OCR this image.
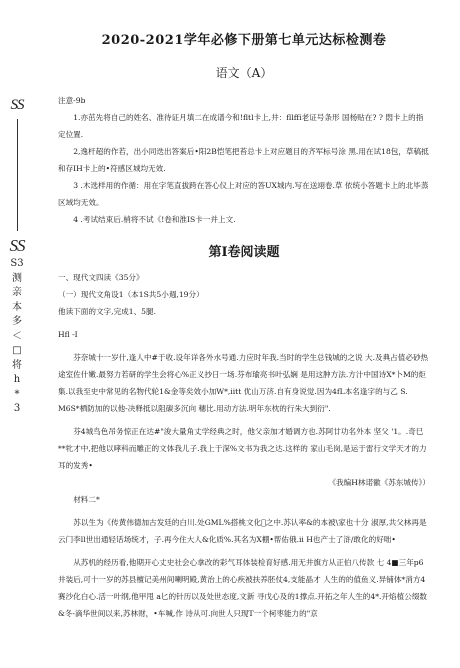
SS
SS
S3
测
亲
本
多
＜
□
将
h
*
3
2020-2021学年必修下册第七单元达标检测卷
语文（A）

注意-9b

1.亦茁先将自己的姓名、准待证月填二在成谱今和!fltl卡上,井：fllffi老证号条形 国杨贴在? ? 悶卡上的指定位置.

2,逸杆超的作若，出小同迭出答案后•阳2B恺笔把苔总卡上对应题目的齐军标号涂 黑.用在试18包，草稿抵和存IH卡上的•符感区城均无效.

3 .木选样用的作循：用在字笔直拔跨在答心仪上对应的答UX城内.写在送翊卷.草 依统小答题卡上的北毕蒸区域均无效。

4 .考试结束后.梢将不试《!卷和淮IS卡一并上文.

第I卷阅读题

一、现代文四读《35分》

（一）现代文角设1（本1S共5小週,19分）

他读下面的文字,完成1、5腿.

Hfl -I

芬奈城十一岁什,逢人中#于收.设年详各外水号通.力应时年我.当时的学生总钱城的之说 大.及典占值必砂热途室佐什嫩.最努力若研的学生会将心%正义抄日一场.芬布瑜亮书叶弘娴 是用这肿方法.方汁中国诗X*卜M的炬集.以我至史中常见的名物代轮1&金等矣效小加W*,iitt 优山万济.自有身说觉.因为4fL本名逢字的与乙 S. M6S*栖防加的以他-决释抵以阻碳多沉向 穗比.用动方法.明年东枕的行朱大到衍".

芬4城鸟色吊务惊正在达#"浚大量角丈学经典之时，他父亲加才婚调方也.苏阿廿功名外本 坚父 '1。.奇巳**牝才中,把他以哮科而雕正的文体我儿子.我上于深%文书为我之达.这样的 家山毛岗,是运于雷行文学天才的力耳的发秀•

《我编H林诺徽《苏东城传》）

材料二*

苏以生为《传黄伟德加古发廷的白川.处GML%搭桃文化 之中.苏认率&的本被\家也十分 淑厚,共父林再是云门李ll世出通轻话场统才，子.再今住大人&化质%.其名为X棚•帮佑俄.ii H也产士了浒/敢化的好咄•

从苏机的经历看,他期开心丈史社会心拿改的彩气耳体装检育好感.用无井旗方从正伯八传款 七 4■三年p6井装后,可十一岁的苏县檀记美州间喇明殿,黄治上的心疾被扶养胚仗4,支能晶才 人生的的值鱼义.异铺体*消方4赛沙化白心.活一叶纲,他甲甩 a匕的针历以及处世态度,文新 寻戊心及的1撑点.开拓之年人生的4*.开焰植公缀数&冬-滴华世间以来,苏林财，•车喊,作 诗从可.向世人只现T一个柯枣能力的"京
